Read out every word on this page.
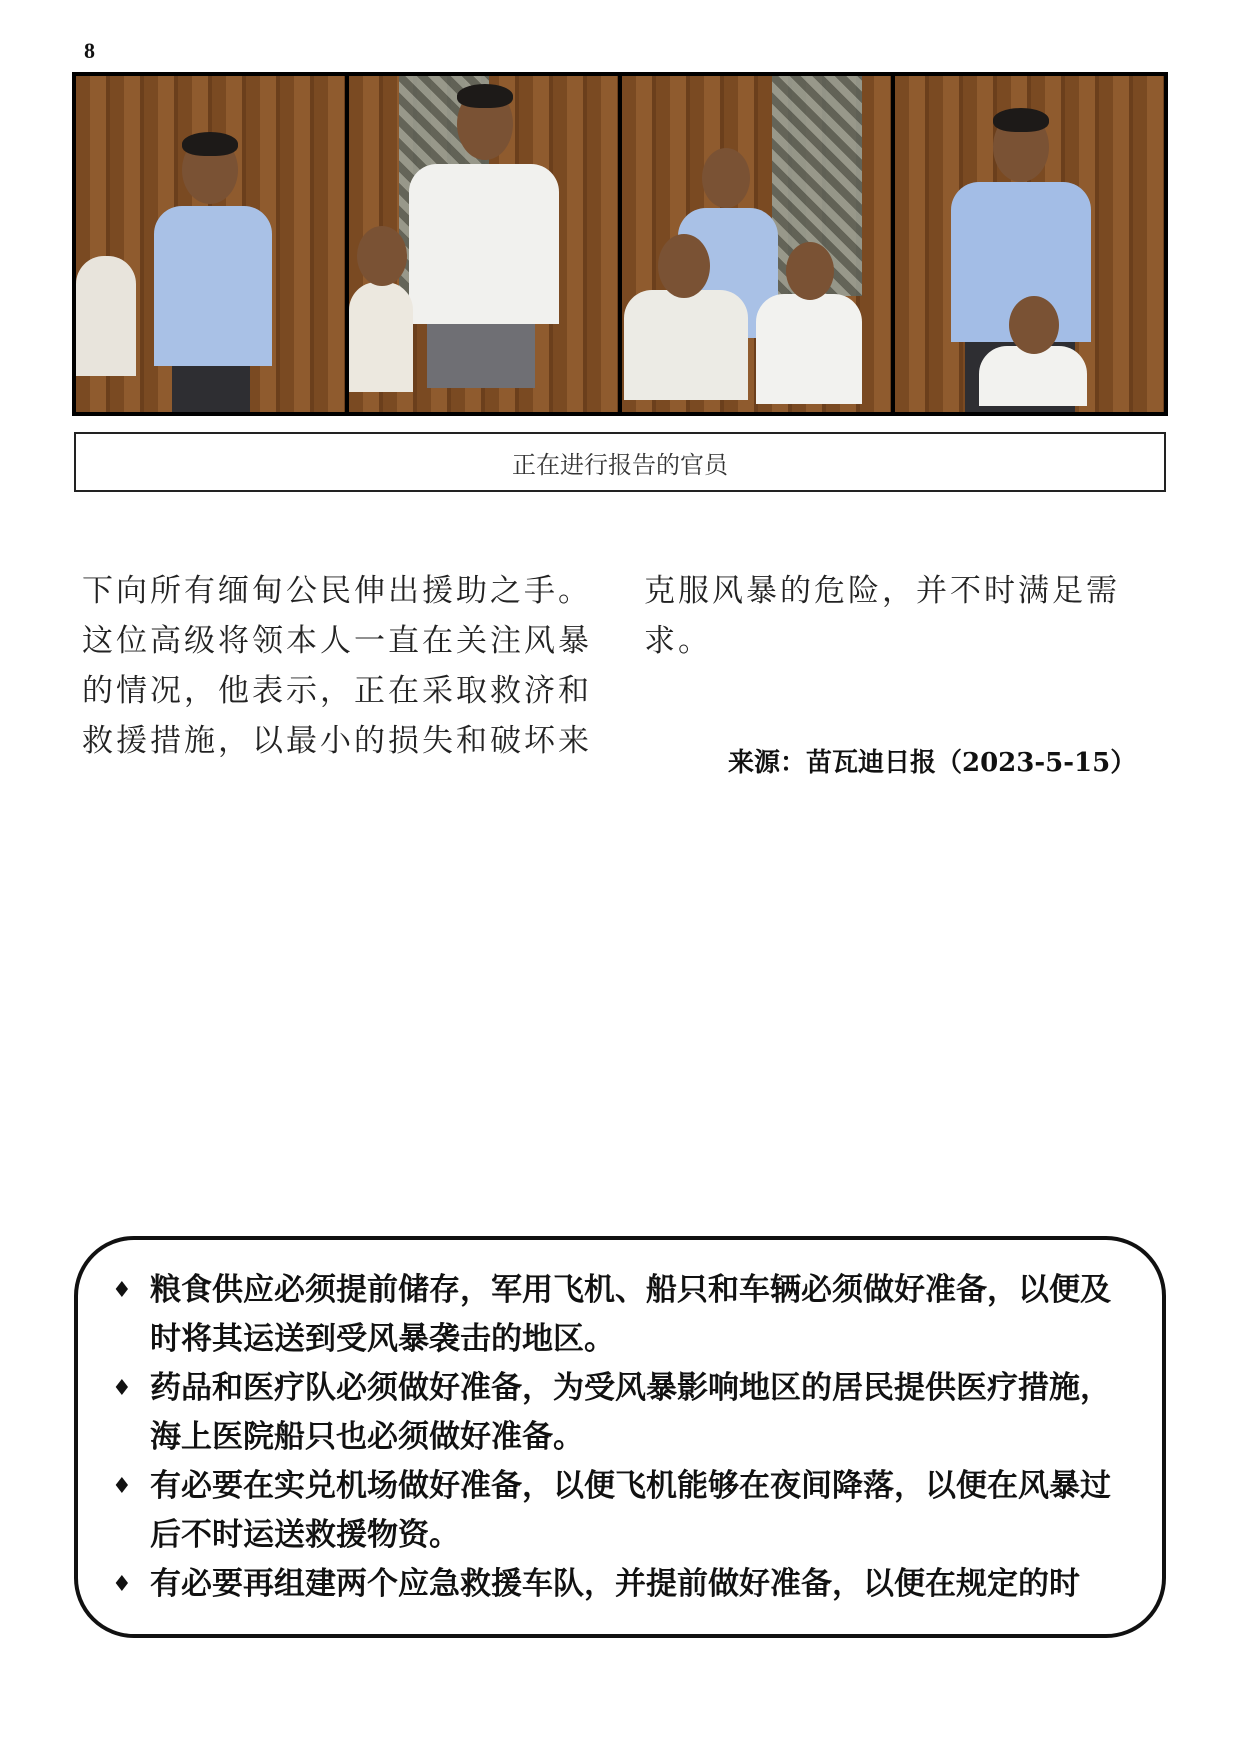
8
正在进行报告的官员
下向所有缅甸公民伸出援助之手。这位高级将领本人一直在关注风暴的情况，他表示，正在采取救济和救援措施，以最小的损失和破坏来
克服风暴的危险，并不时满足需求。
来源：苗瓦迪日报（2023-5-15）
♦ 粮食供应必须提前储存，军用飞机、船只和车辆必须做好准备，以便及时将其运送到受风暴袭击的地区。
♦ 药品和医疗队必须做好准备，为受风暴影响地区的居民提供医疗措施，海上医院船只也必须做好准备。
♦ 有必要在实兑机场做好准备，以便飞机能够在夜间降落，以便在风暴过后不时运送救援物资。
♦ 有必要再组建两个应急救援车队，并提前做好准备，以便在规定的时
